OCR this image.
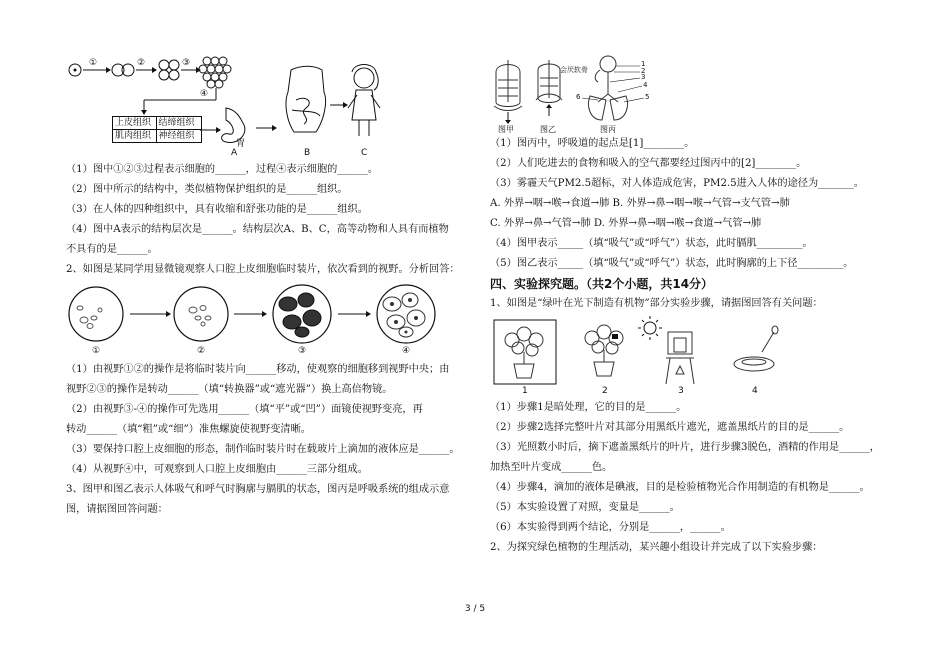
①	②	③
④
上皮组织 结缔组织
肌肉组织 神经组织
胃
A	B	C
（1）图中①②③过程表示细胞的______，过程④表示细胞的______。
（2）图中所示的结构中，类似植物保护组织的是______组织。
（3）在人体的四种组织中，具有收缩和舒张功能的是______组织。
（4）图中A表示的结构层次是______。结构层次A、B、C，高等动物和人具有而植物
不具有的是______。
2、如图是某同学用显微镜观察人口腔上皮细胞临时装片，依次看到的视野。分析回答：
①	②	③	④
（1）由视野①②的操作是将临时装片向______移动，使观察的细胞移到视野中央；由
视野②③的操作是转动______（填“转换器”或“遮光器”）换上高倍物镜。
（2）由视野③-④的操作可先选用______（填“平”或“凹”）面镜使视野变亮，再
转动______（填“粗”或“细”）准焦螺旋使视野变清晰。
（3）要保持口腔上皮细胞的形态，制作临时装片时在载玻片上滴加的液体应是______。
（4）从视野④中，可观察到人口腔上皮细胞由______三部分组成。
3、图甲和图乙表示人体吸气和呼气时胸廓与膈肌的状态，图丙是呼吸系统的组成示意
图，请据图回答问题：
图甲	图乙	图丙
会厌软骨
1
2
3
4
5
6
（1）图丙中，呼吸道的起点是[1]________。
（2）人们吃进去的食物和吸入的空气都要经过图丙中的[2]________。
（3）雾霾天气PM2.5超标，对人体造成危害，PM2.5进入人体的途径为_______。
A. 外界→咽→喉→食道→肺 B. 外界→鼻→咽→喉→气管→支气管→肺
C. 外界→鼻→气管→肺 D. 外界→鼻→咽→喉→食道→气管→肺
（4）图甲表示_____（填“吸气”或“呼气”）状态，此时膈肌_________。
（5）图乙表示_____（填“吸气”或“呼气”）状态，此时胸廓的上下径_________。
四、实验探究题。（共2个小题，共14分）
1、如图是“绿叶在光下制造有机物”部分实验步骤，请据图回答有关问题：
1	2	3	4
（1）步骤1是暗处理，它的目的是______。
（2）步骤2选择完整叶片对其部分用黑纸片遮光，遮盖黑纸片的目的是______。
（3）光照数小时后，摘下遮盖黑纸片的叶片，进行步骤3脱色，酒精的作用是______，
加热至叶片变成______色。
（4）步骤4，滴加的液体是碘液，目的是检验植物光合作用制造的有机物是______。
（5）本实验设置了对照，变量是______。
（6）本实验得到两个结论，分别是______，______。
2、为探究绿色植物的生理活动，某兴趣小组设计并完成了以下实验步骤：
3 / 5
